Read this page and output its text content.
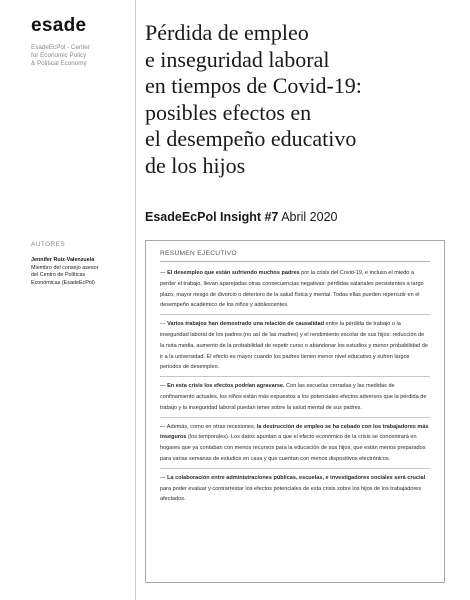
esade
EsadeEcPol - Center
for Economic Policy
& Political Economy
AUTORES
Jennifer Ruiz-Valenzuela
Miembro del consejo asesor
del Centro de Políticas
Económicas (EsadeEcPol)
Pérdida de empleo
e inseguridad laboral
en tiempos de Covid-19:
posibles efectos en
el desempeño educativo
de los hijos
EsadeEcPol Insight #7 Abril 2020
RESUMEN EJECUTIVO

— El desempleo que están sufriendo muchos padres por la crisis del Covid-19, e incluso el miedo a perder el trabajo, llevan aparejadas otras consecuencias negativas: pérdidas salariales persistentes a largo plazo, mayor riesgo de divorcio o deterioro de la salud física y mental. Todas ellas pueden repercutir en el desempeño académico de los niños y adolescentes.

— Varios trabajos han demostrado una relación de causalidad entre la pérdida de trabajo o la inseguridad laboral de los padres (no así de las madres) y el rendimiento escolar de sus hijos: reducción de la nota media, aumento de la probabilidad de repetir curso o abandonar los estudios y menor probabilidad de ir a la universidad. El efecto es mayor cuando los padres tienen menor nivel educativo y sufren largos periodos de desempleo.

— En esta crisis los efectos podrían agravarse. Con las escuelas cerradas y las medidas de confinamiento actuales, los niños están más expuestos a los potenciales efectos adversos que la pérdida de trabajo y la inseguridad laboral puedan tener sobre la salud mental de sus padres.

— Además, como en otras recesiones, la destrucción de empleo se ha cebado con los trabajadores más inseguros (los temporales). Los datos apuntan a que el efecto económico de la crisis se concentrará en hogares que ya contaban con menos recursos para la educación de sus hijos, que están menos preparados para varias semanas de estudios en casa y que cuentan con menos dispositivos electrónicos.

— La colaboración entre administraciones públicas, escuelas, e investigadores sociales será crucial para poder evaluar y contrarrestar los efectos potenciales de esta crisis sobre los hijos de los trabajadores afectados.
